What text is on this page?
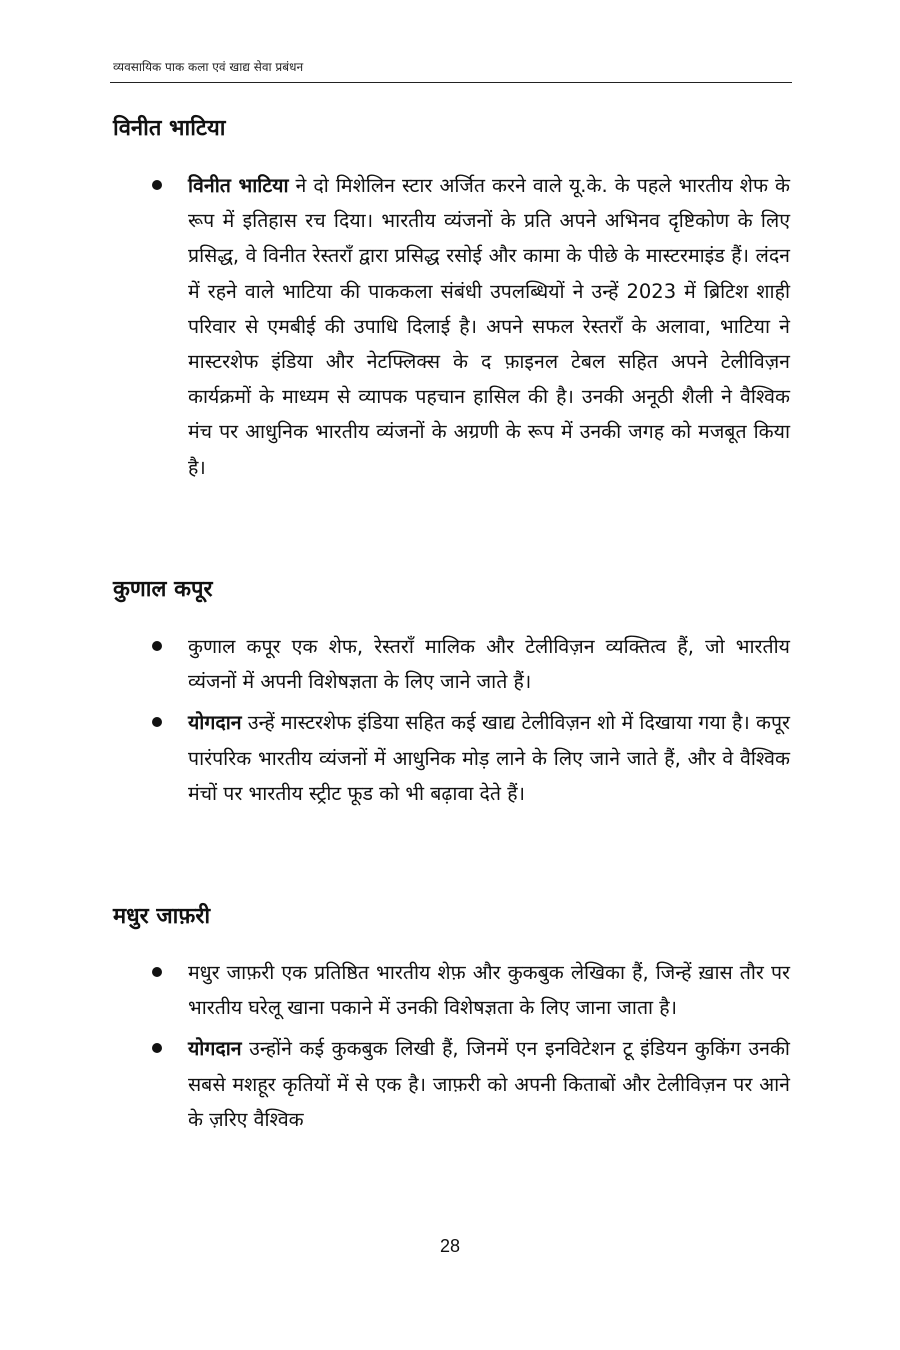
व्यवसायिक पाक कला एवं खाद्य सेवा प्रबंधन
विनीत भाटिया
विनीत भाटिया ने दो मिशेलिन स्टार अर्जित करने वाले यू.के. के पहले भारतीय शेफ के रूप में इतिहास रच दिया। भारतीय व्यंजनों के प्रति अपने अभिनव दृष्टिकोण के लिए प्रसिद्ध, वे विनीत रेस्तराँ द्वारा प्रसिद्ध रसोई और कामा के पीछे के मास्टरमाइंड हैं। लंदन में रहने वाले भाटिया की पाककला संबंधी उपलब्धियों ने उन्हें 2023 में ब्रिटिश शाही परिवार से एमबीई की उपाधि दिलाई है। अपने सफल रेस्तराँ के अलावा, भाटिया ने मास्टरशेफ इंडिया और नेटफ्लिक्स के द फ़ाइनल टेबल सहित अपने टेलीविज़न कार्यक्रमों के माध्यम से व्यापक पहचान हासिल की है। उनकी अनूठी शैली ने वैश्विक मंच पर आधुनिक भारतीय व्यंजनों के अग्रणी के रूप में उनकी जगह को मजबूत किया है।
कुणाल कपूर
कुणाल कपूर एक शेफ, रेस्तराँ मालिक और टेलीविज़न व्यक्तित्व हैं, जो भारतीय व्यंजनों में अपनी विशेषज्ञता के लिए जाने जाते हैं।
योगदान उन्हें मास्टरशेफ इंडिया सहित कई खाद्य टेलीविज़न शो में दिखाया गया है। कपूर पारंपरिक भारतीय व्यंजनों में आधुनिक मोड़ लाने के लिए जाने जाते हैं, और वे वैश्विक मंचों पर भारतीय स्ट्रीट फूड को भी बढ़ावा देते हैं।
मधुर जाफ़री
मधुर जाफ़री एक प्रतिष्ठित भारतीय शेफ़ और कुकबुक लेखिका हैं, जिन्हें ख़ास तौर पर भारतीय घरेलू खाना पकाने में उनकी विशेषज्ञता के लिए जाना जाता है।
योगदान उन्होंने कई कुकबुक लिखी हैं, जिनमें एन इनविटेशन टू इंडियन कुकिंग उनकी सबसे मशहूर कृतियों में से एक है। जाफ़री को अपनी किताबों और टेलीविज़न पर आने के ज़रिए वैश्विक
28
